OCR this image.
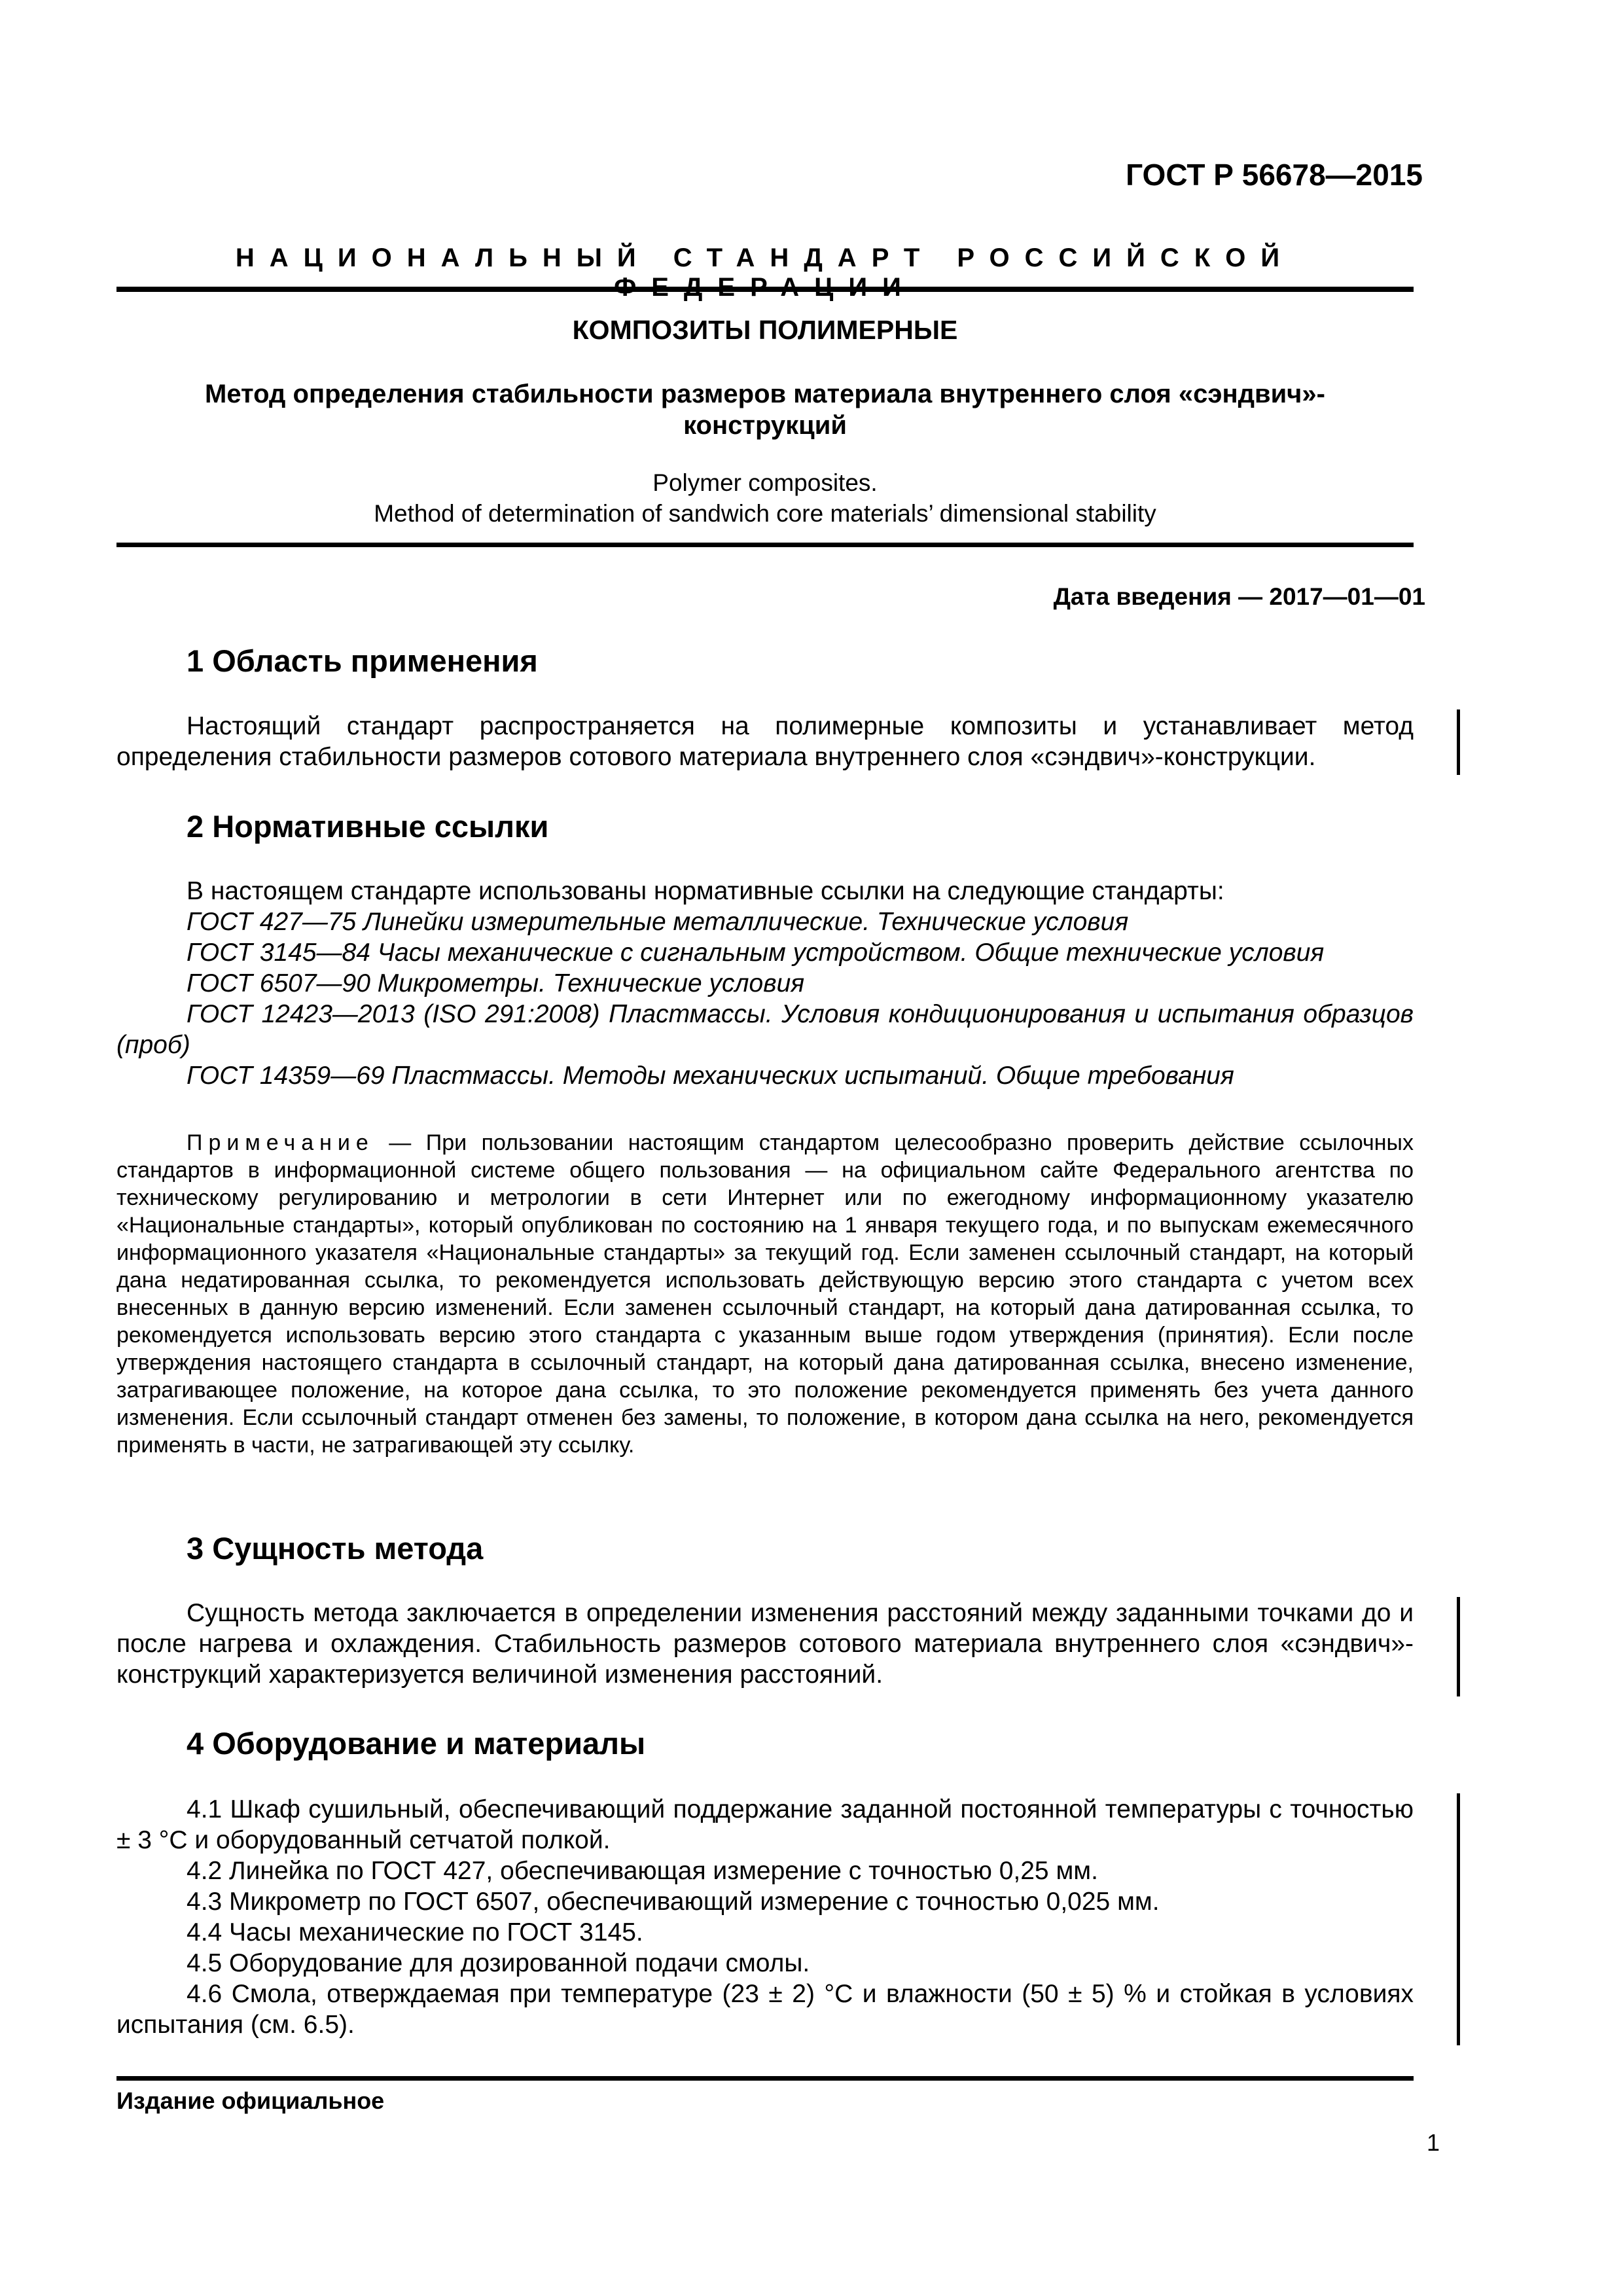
ГОСТ Р 56678—2015
НАЦИОНАЛЬНЫЙ СТАНДАРТ РОССИЙСКОЙ
КОМПОЗИТЫ ПОЛИМЕРНЫЕ
Метод определения стабильности размеров материала внутреннего слоя «сэндвич»-
конструкций
Polymer composites.
Method of determination of sandwich core materials’ dimensional stability
Дата введения — 2017—01—01
1 Область применения

Настоящий стандарт распространяется на полимерные композиты и устанавливает метод определения стабильности размеров сотового материала внутреннего слоя «сэндвич»-конструкции.

2 Нормативные ссылки
В настоящем стандарте использованы нормативные ссылки на следующие стандарты:
ГОСТ 427—75 Линейки измерительные металлические. Технические условия
ГОСТ 3145—84 Часы механические с сигнальным устройством. Общие технические условия
ГОСТ 6507—90 Микрометры. Технические условия

ГОСТ 12423—2013 (ISO 291:2008) Пластмассы. Условия кондиционирования и испытания образцов (проб)

ГОСТ 14359—69 Пластмассы. Методы механических испытаний. Общие требования

Примечание — При пользовании настоящим стандартом целесообразно проверить действие ссылочных стандартов в информационной системе общего пользования — на официальном сайте Федерального агентства по техническому регулированию и метрологии в сети Интернет или по ежегодному информационному указателю «Национальные стандарты», который опубликован по состоянию на 1 января текущего года, и по выпускам ежемесячного информационного указателя «Национальные стандарты» за текущий год. Если заменен ссылочный стандарт, на который дана недатированная ссылка, то рекомендуется использовать действующую версию этого стандарта с учетом всех внесенных в данную версию изменений. Если заменен ссылочный стандарт, на который дана датированная ссылка, то рекомендуется использовать версию этого стандарта с указанным выше годом утверждения (принятия). Если после утверждения настоящего стандарта в ссылочный стандарт, на который дана датированная ссылка, внесено изменение, затрагивающее положение, на которое дана ссылка, то это положение рекомендуется применять без учета данного изменения. Если ссылочный стандарт отменен без замены, то положение, в котором дана ссылка на него, рекомендуется применять в части, не затрагивающей эту ссылку.

3 Сущность метода

Сущность метода заключается в определении изменения расстояний между заданными точками до и после нагрева и охлаждения. Стабильность размеров сотового материала внутреннего слоя «сэндвич»-конструкций характеризуется величиной изменения расстояний.

4 Оборудование и материалы

4.1 Шкаф сушильный, обеспечивающий поддержание заданной постоянной температуры с точностью ± 3 °С и оборудованный сетчатой полкой.

4.2 Линейка по ГОСТ 427, обеспечивающая измерение с точностью 0,25 мм.

4.3 Микрометр по ГОСТ 6507, обеспечивающий измерение с точностью 0,025 мм.

4.4 Часы механические по ГОСТ 3145.

4.5 Оборудование для дозированной подачи смолы.

4.6 Смола, отверждаемая при температуре (23 ± 2) °С и влажности (50 ± 5) % и стойкая в условиях испытания (см. 6.5).

Издание официальное
1
